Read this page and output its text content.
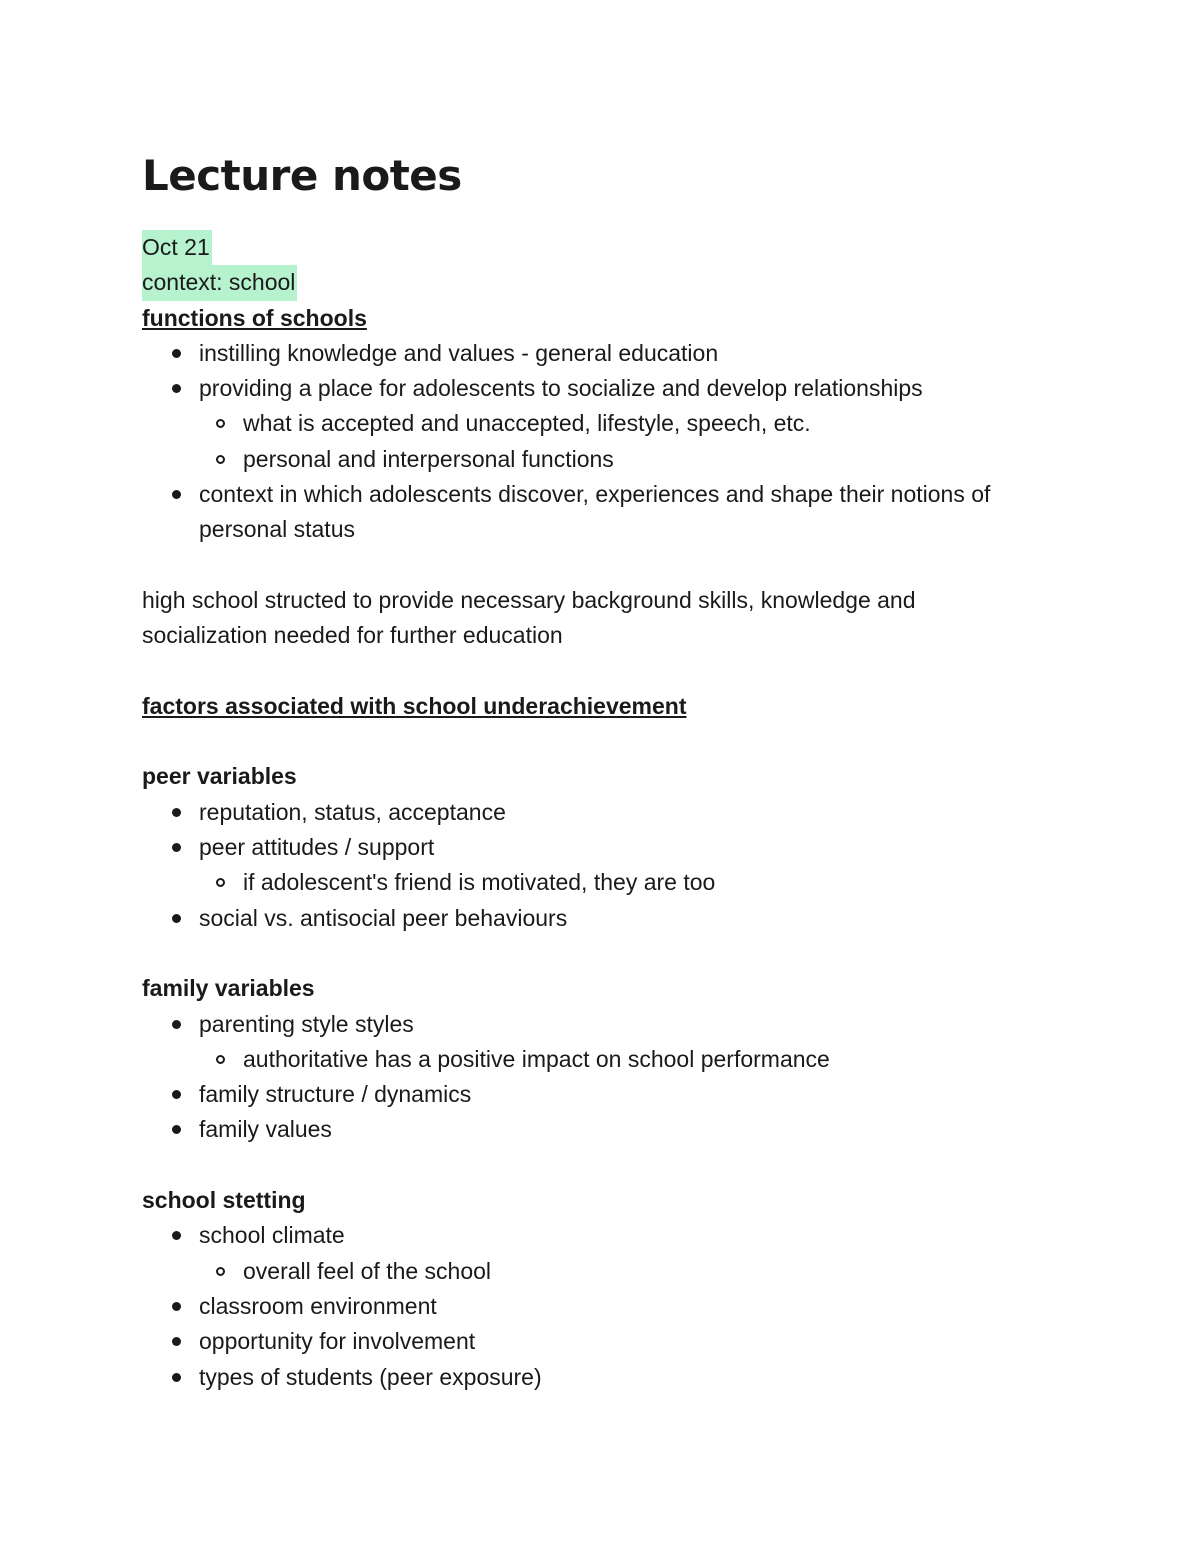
Lecture notes

Oct 21

context: school

functions of schools

instilling knowledge and values - general education
providing a place for adolescents to socialize and develop relationships
what is accepted and unaccepted, lifestyle, speech, etc.
personal and interpersonal functions
context in which adolescents discover, experiences and shape their notions of personal status

high school structed to provide necessary background skills, knowledge and socialization needed for further education

factors associated with school underachievement

peer variables

reputation, status, acceptance
peer attitudes / support
if adolescent's friend is motivated, they are too
social vs. antisocial peer behaviours

family variables

parenting style styles
authoritative has a positive impact on school performance
family structure / dynamics
family values

school stetting

school climate
overall feel of the school
classroom environment
opportunity for involvement
types of students (peer exposure)
